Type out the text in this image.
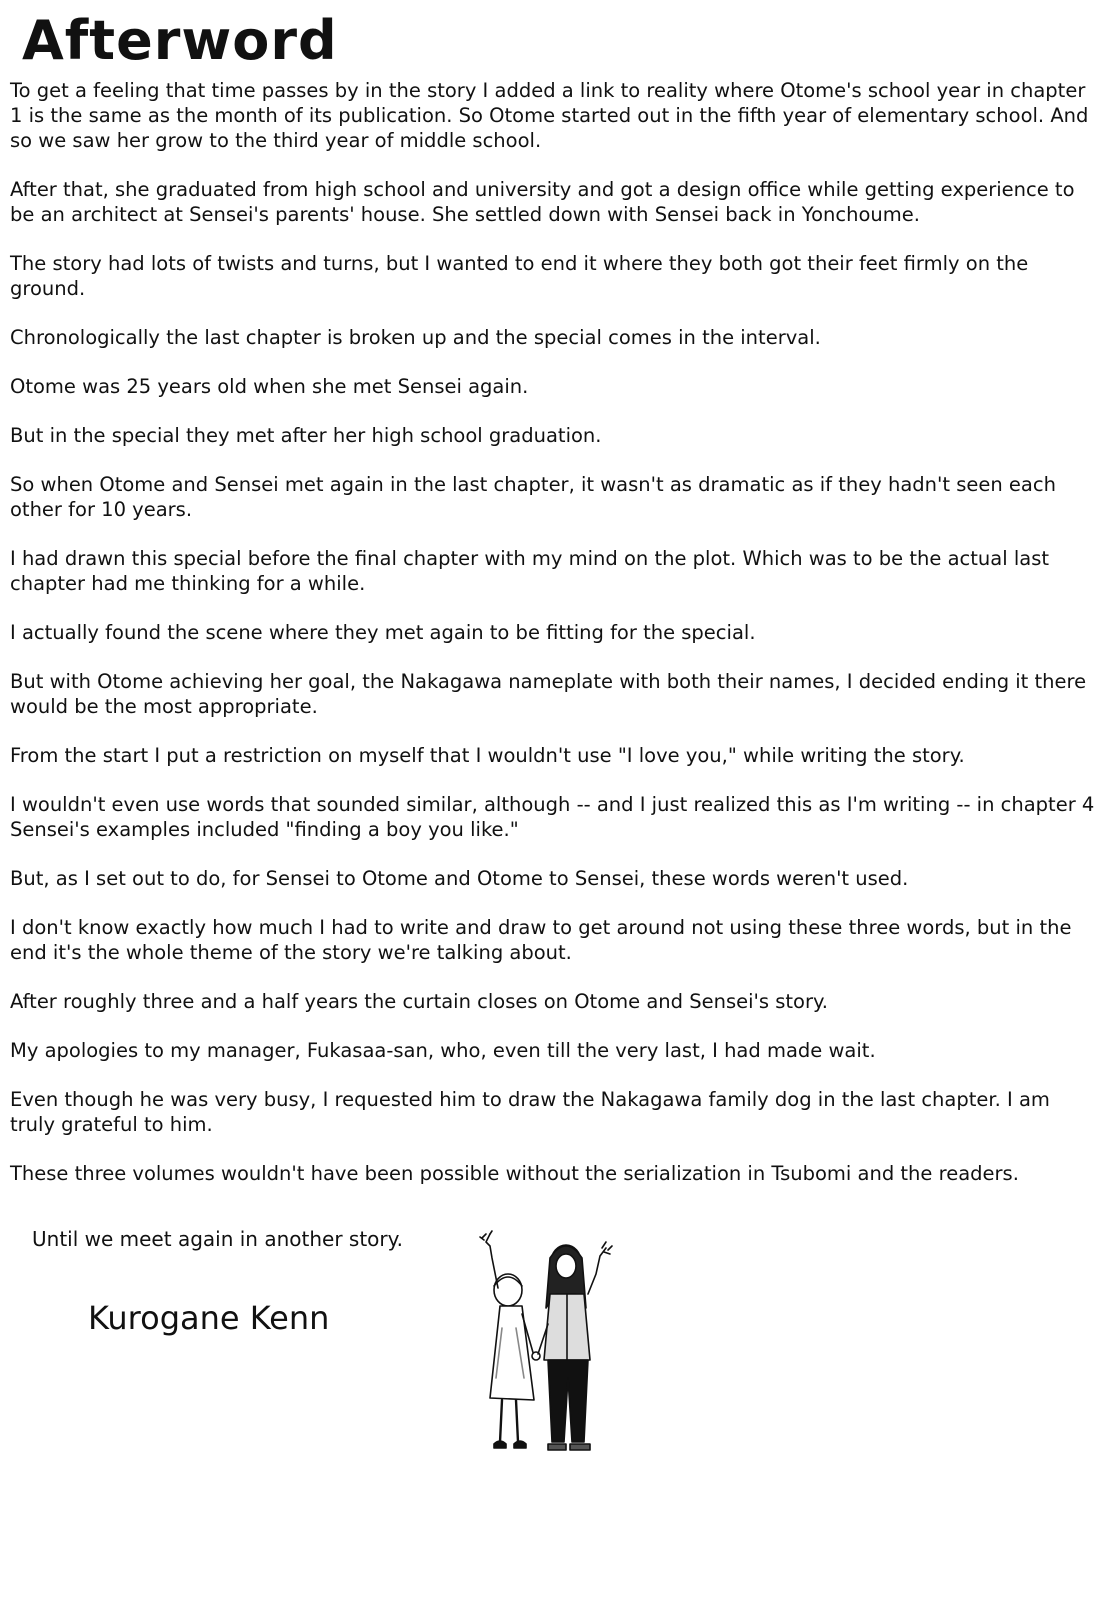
Afterword

To get a feeling that time passes by in the story I added a link to reality where Otome's school year in chapter 1 is the same as the month of its publication. So Otome started out in the fifth year of elementary school. And so we saw her grow to the third year of middle school.

After that, she graduated from high school and university and got a design office while getting experience to be an architect at Sensei's parents' house. She settled down with Sensei back in Yonchoume.

The story had lots of twists and turns, but I wanted to end it where they both got their feet firmly on the ground.

Chronologically the last chapter is broken up and the special comes in the interval.

Otome was 25 years old when she met Sensei again.

But in the special they met after her high school graduation.

So when Otome and Sensei met again in the last chapter, it wasn't as dramatic as if they hadn't seen each other for 10 years.

I had drawn this special before the final chapter with my mind on the plot. Which was to be the actual last chapter had me thinking for a while.

I actually found the scene where they met again to be fitting for the special.

But with Otome achieving her goal, the Nakagawa nameplate with both their names, I decided ending it there would be the most appropriate.

From the start I put a restriction on myself that I wouldn't use "I love you," while writing the story.

I wouldn't even use words that sounded similar, although -- and I just realized this as I'm writing -- in chapter 4 Sensei's examples included "finding a boy you like."

But, as I set out to do, for Sensei to Otome and Otome to Sensei, these words weren't used.

I don't know exactly how much I had to write and draw to get around not using these three words, but in the end it's the whole theme of the story we're talking about.

After roughly three and a half years the curtain closes on Otome and Sensei's story.

My apologies to my manager, Fukasaa-san, who, even till the very last, I had made wait.

Even though he was very busy, I requested him to draw the Nakagawa family dog in the last chapter. I am truly grateful to him.

These three volumes wouldn't have been possible without the serialization in Tsubomi and the readers.

Until we meet again in another story.
Kurogane Kenn
